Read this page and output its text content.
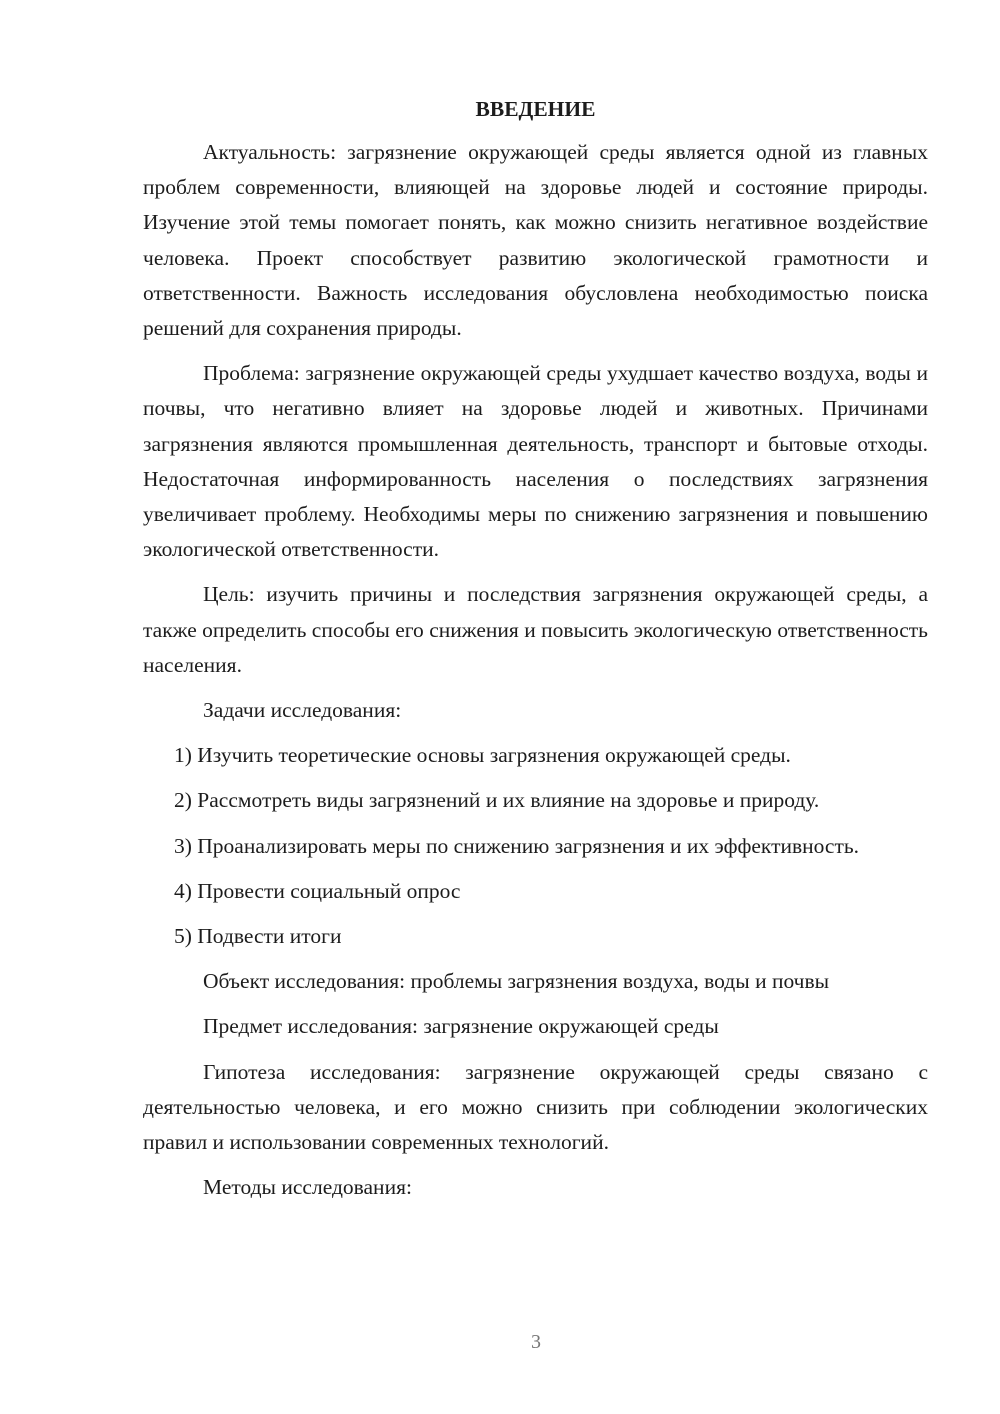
ВВЕДЕНИЕ
Актуальность: загрязнение окружающей среды является одной из главных проблем современности, влияющей на здоровье людей и состояние природы. Изучение этой темы помогает понять, как можно снизить негативное воздействие человека. Проект способствует развитию экологической грамотности и ответственности. Важность исследования обусловлена необходимостью поиска решений для сохранения природы.
Проблема: загрязнение окружающей среды ухудшает качество воздуха, воды и почвы, что негативно влияет на здоровье людей и животных. Причинами загрязнения являются промышленная деятельность, транспорт и бытовые отходы. Недостаточная информированность населения о последствиях загрязнения увеличивает проблему. Необходимы меры по снижению загрязнения и повышению экологической ответственности.
Цель: изучить причины и последствия загрязнения окружающей среды, а также определить способы его снижения и повысить экологическую ответственность населения.
Задачи исследования:
1) Изучить теоретические основы загрязнения окружающей среды.
2) Рассмотреть виды загрязнений и их влияние на здоровье и природу.
3) Проанализировать меры по снижению загрязнения и их эффективность.
4) Провести социальный опрос
5) Подвести итоги
Объект исследования: проблемы загрязнения воздуха, воды и почвы
Предмет исследования: загрязнение окружающей среды
Гипотеза исследования: загрязнение окружающей среды связано с деятельностью человека, и его можно снизить при соблюдении экологических правил и использовании современных технологий.
Методы исследования:
3
